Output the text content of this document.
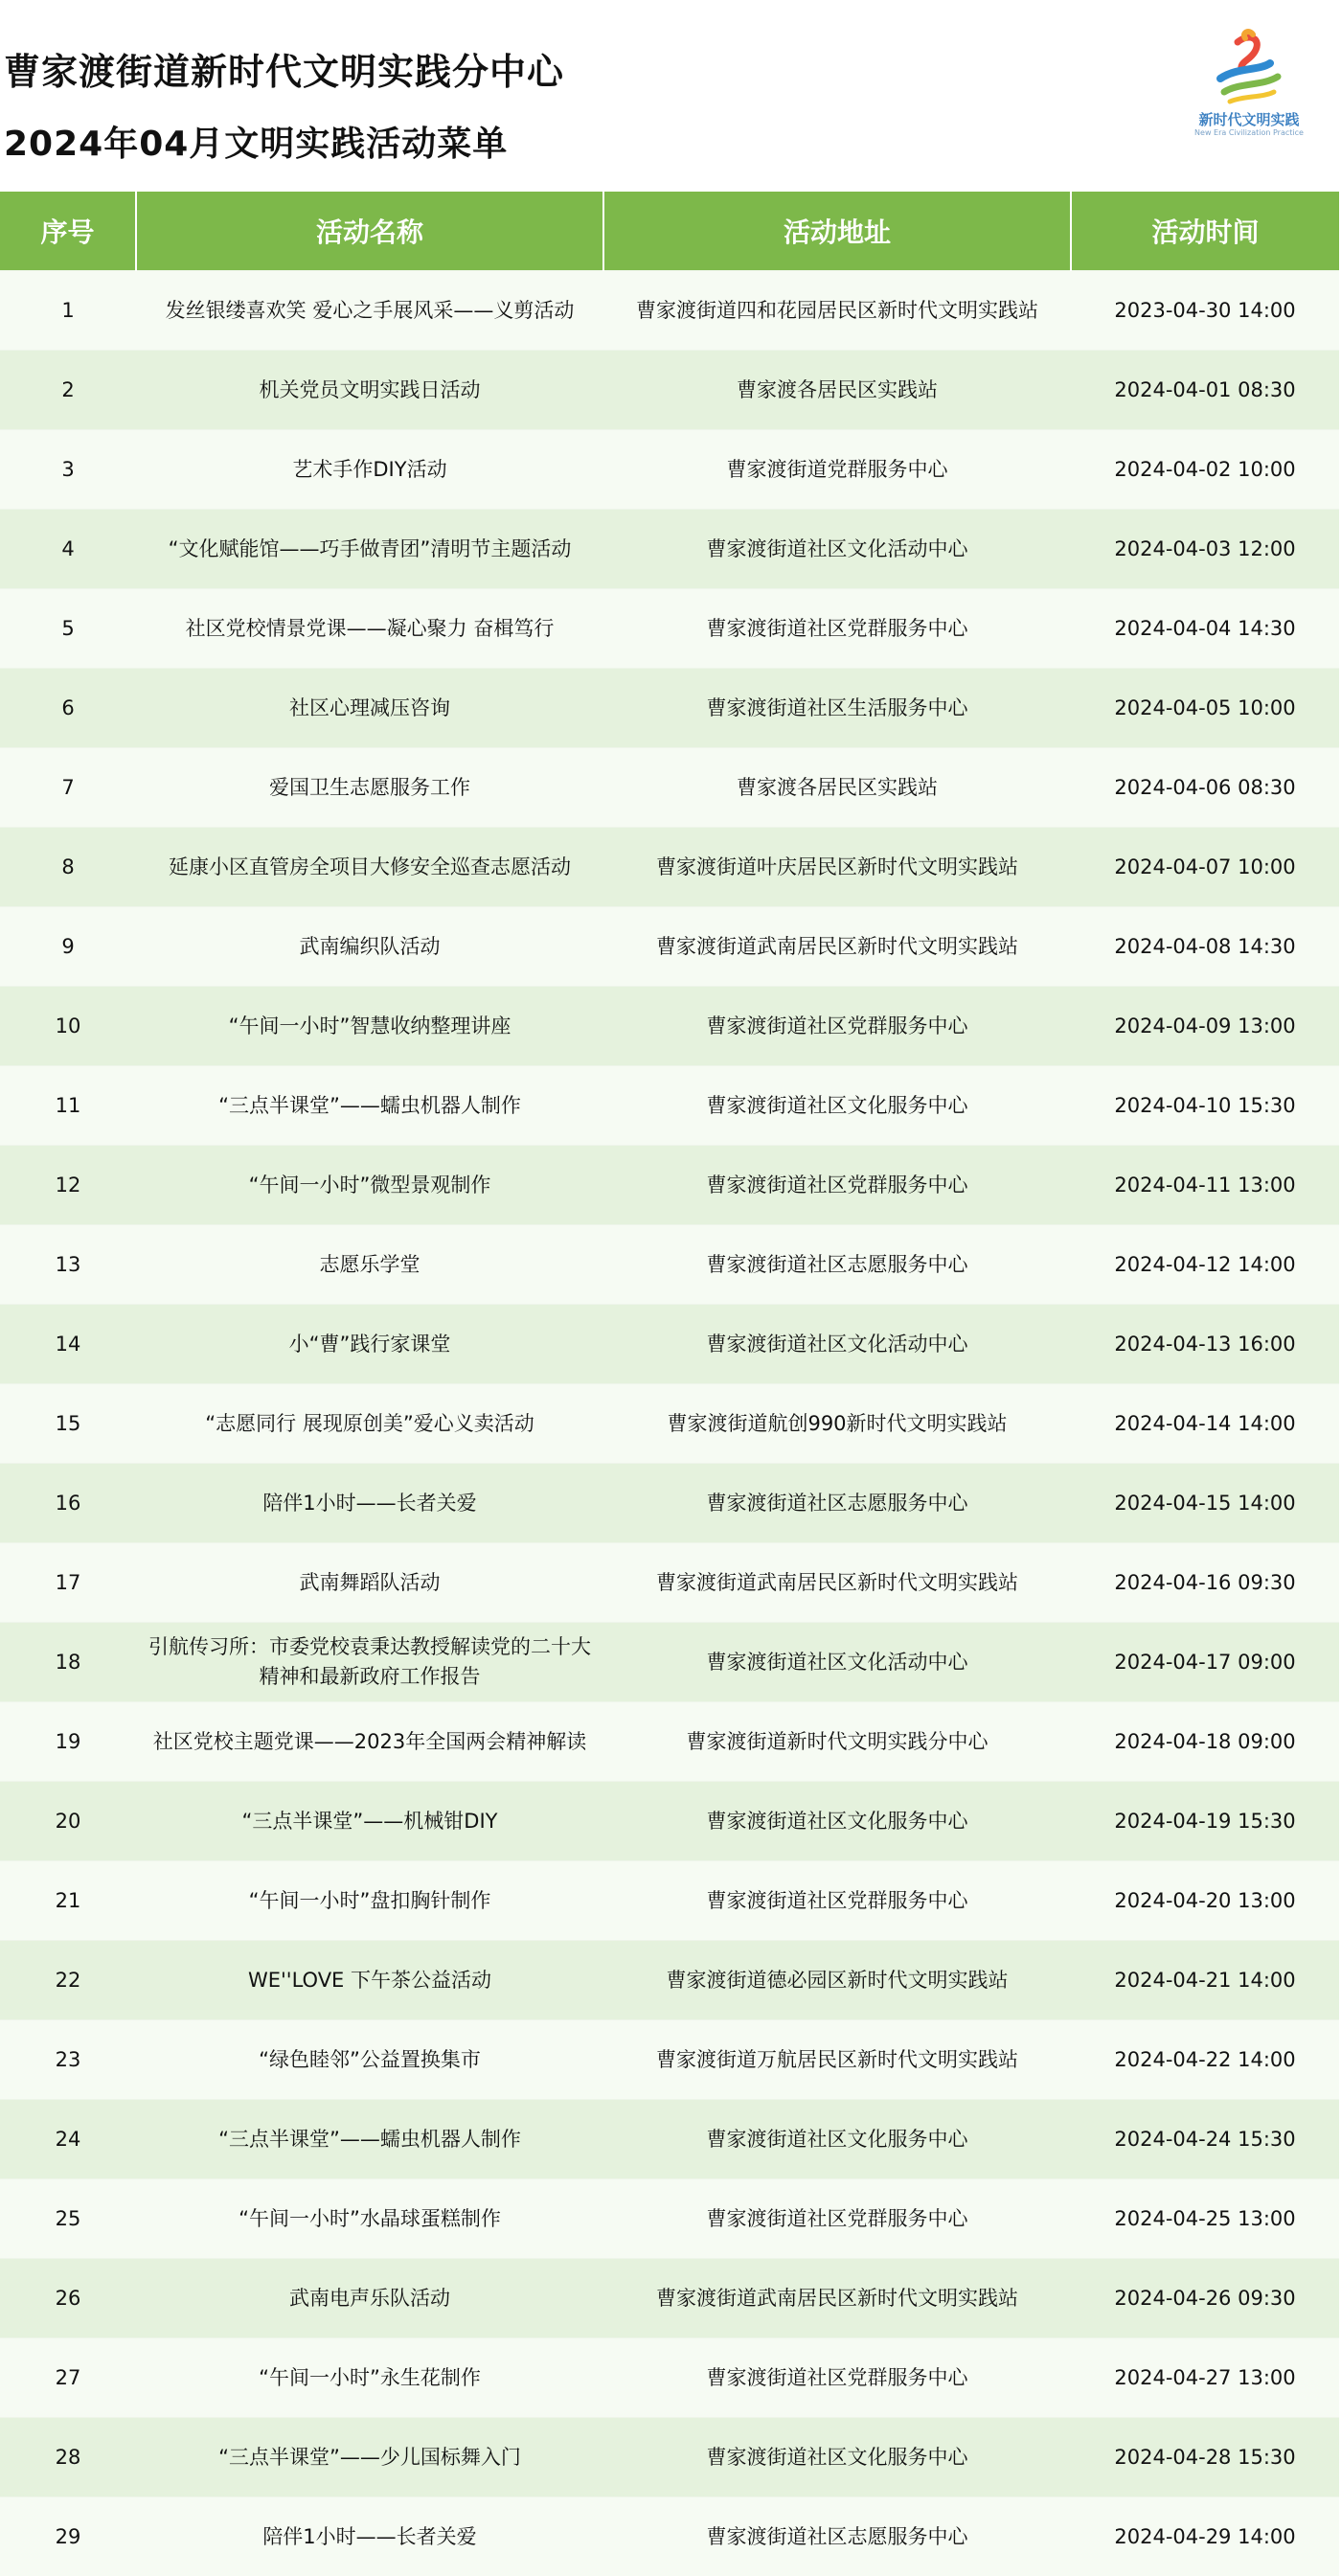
曹家渡街道新时代文明实践分中心
2024年04月文明实践活动菜单
新时代文明实践
New Era Civilization Practice
序号	活动名称	活动地址	活动时间
1	发丝银缕喜欢笑 爱心之手展风采——义剪活动	曹家渡街道四和花园居民区新时代文明实践站	2023-04-30 14:00
2	机关党员文明实践日活动	曹家渡各居民区实践站	2024-04-01 08:30
3	艺术手作DIY活动	曹家渡街道党群服务中心	2024-04-02 10:00
4	“文化赋能馆——巧手做青团”清明节主题活动	曹家渡街道社区文化活动中心	2024-04-03 12:00
5	社区党校情景党课——凝心聚力 奋楫笃行	曹家渡街道社区党群服务中心	2024-04-04 14:30
6	社区心理减压咨询	曹家渡街道社区生活服务中心	2024-04-05 10:00
7	爱国卫生志愿服务工作	曹家渡各居民区实践站	2024-04-06 08:30
8	延康小区直管房全项目大修安全巡查志愿活动	曹家渡街道叶庆居民区新时代文明实践站	2024-04-07 10:00
9	武南编织队活动	曹家渡街道武南居民区新时代文明实践站	2024-04-08 14:30
10	“午间一小时”智慧收纳整理讲座	曹家渡街道社区党群服务中心	2024-04-09 13:00
11	“三点半课堂”——蠕虫机器人制作	曹家渡街道社区文化服务中心	2024-04-10 15:30
12	“午间一小时”微型景观制作	曹家渡街道社区党群服务中心	2024-04-11 13:00
13	志愿乐学堂	曹家渡街道社区志愿服务中心	2024-04-12 14:00
14	小“曹”践行家课堂	曹家渡街道社区文化活动中心	2024-04-13 16:00
15	“志愿同行 展现原创美”爱心义卖活动	曹家渡街道航创990新时代文明实践站	2024-04-14 14:00
16	陪伴1小时——长者关爱	曹家渡街道社区志愿服务中心	2024-04-15 14:00
17	武南舞蹈队活动	曹家渡街道武南居民区新时代文明实践站	2024-04-16 09:30
18	引航传习所：市委党校袁秉达教授解读党的二十大精神和最新政府工作报告	曹家渡街道社区文化活动中心	2024-04-17 09:00
19	社区党校主题党课——2023年全国两会精神解读	曹家渡街道新时代文明实践分中心	2024-04-18 09:00
20	“三点半课堂”——机械钳DIY	曹家渡街道社区文化服务中心	2024-04-19 15:30
21	“午间一小时”盘扣胸针制作	曹家渡街道社区党群服务中心	2024-04-20 13:00
22	WE''LOVE 下午茶公益活动	曹家渡街道德必园区新时代文明实践站	2024-04-21 14:00
23	“绿色睦邻”公益置换集市	曹家渡街道万航居民区新时代文明实践站	2024-04-22 14:00
24	“三点半课堂”——蠕虫机器人制作	曹家渡街道社区文化服务中心	2024-04-24 15:30
25	“午间一小时”水晶球蛋糕制作	曹家渡街道社区党群服务中心	2024-04-25 13:00
26	武南电声乐队活动	曹家渡街道武南居民区新时代文明实践站	2024-04-26 09:30
27	“午间一小时”永生花制作	曹家渡街道社区党群服务中心	2024-04-27 13:00
28	“三点半课堂”——少儿国标舞入门	曹家渡街道社区文化服务中心	2024-04-28 15:30
29	陪伴1小时——长者关爱	曹家渡街道社区志愿服务中心	2024-04-29 14:00
